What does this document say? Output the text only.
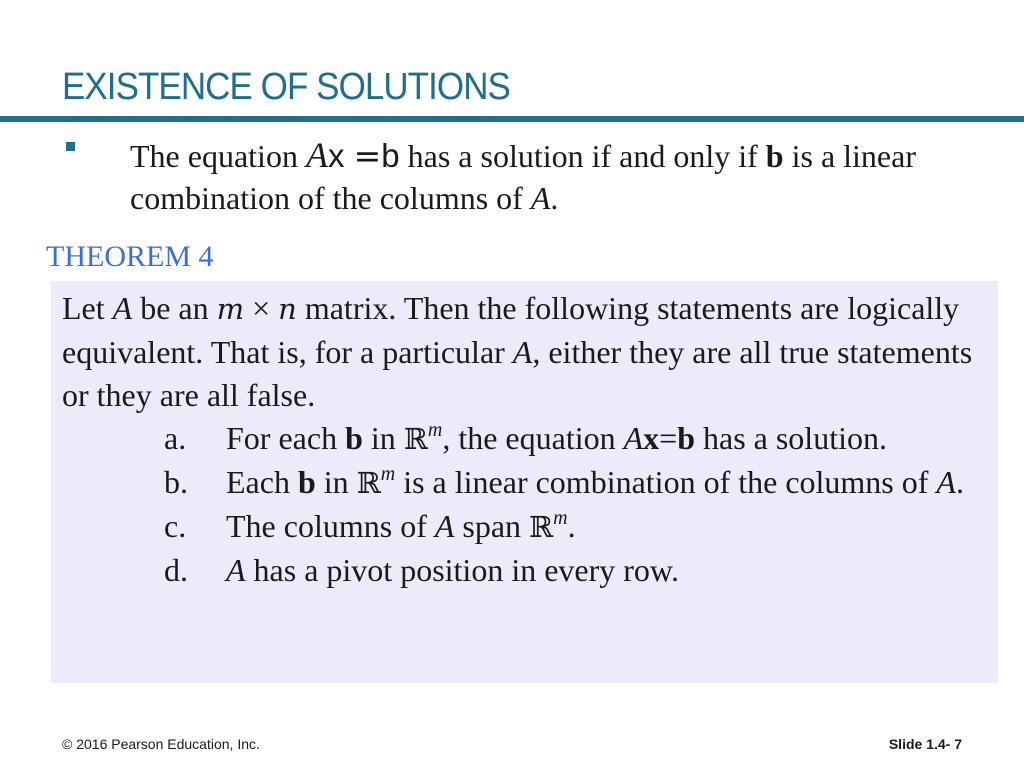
EXISTENCE OF SOLUTIONS
The equation Ax =b has a solution if and only if b is a linear combination of the columns of A.
THEOREM 4
Let A be an m × n matrix. Then the following statements are logically equivalent. That is, for a particular A, either they are all true statements or they are all false.
a. For each b in ℝ$^m$, the equation Ax=b has a solution.
b. Each b in ℝ$^m$ is a linear combination of the columns of A.
c. The columns of A span ℝ$^m$.
d. A has a pivot position in every row.
© 2016 Pearson Education, Inc.	Slide 1.4- 7
